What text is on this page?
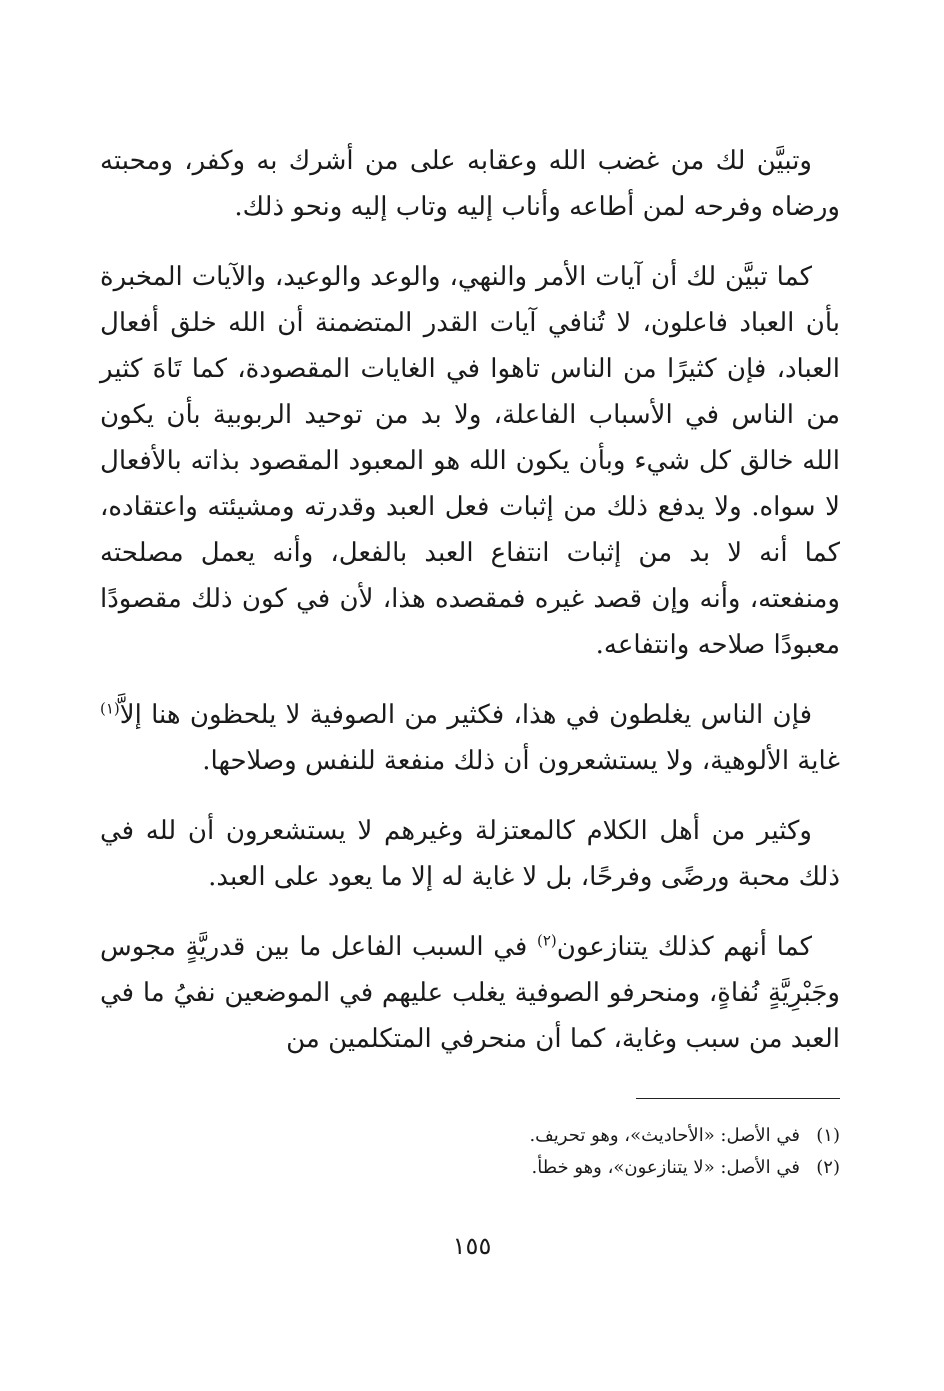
وتبيَّن لك من غضب الله وعقابه على من أشرك به وكفر، ومحبته ورضاه وفرحه لمن أطاعه وأناب إليه وتاب إليه ونحو ذلك.

كما تبيَّن لك أن آيات الأمر والنهي، والوعد والوعيد، والآيات المخبرة بأن العباد فاعلون، لا تُنافي آيات القدر المتضمنة أن الله خلق أفعال العباد، فإن كثيرًا من الناس تاهوا في الغايات المقصودة، كما تَاهَ كثير من الناس في الأسباب الفاعلة، ولا بد من توحيد الربوبية بأن يكون الله خالق كل شيء وبأن يكون الله هو المعبود المقصود بذاته بالأفعال لا سواه. ولا يدفع ذلك من إثبات فعل العبد وقدرته ومشيئته واعتقاده، كما أنه لا بد من إثبات انتفاع العبد بالفعل، وأنه يعمل مصلحته ومنفعته، وأنه وإن قصد غيره فمقصده هذا، لأن في كون ذلك مقصودًا معبودًا صلاحه وانتفاعه.

فإن الناس يغلطون في هذا، فكثير من الصوفية لا يلحظون هنا إلاَّ$^{(١)}$ غاية الألوهية، ولا يستشعرون أن ذلك منفعة للنفس وصلاحها.

وكثير من أهل الكلام كالمعتزلة وغيرهم لا يستشعرون أن لله في ذلك محبة ورضًى وفرحًا، بل لا غاية له إلا ما يعود على العبد.

كما أنهم كذلك يتنازعون$^{(٢)}$ في السبب الفاعل ما بين قدريَّةٍ مجوس وجَبْرِيَّةٍ نُفاةٍ، ومنحرفو الصوفية يغلب عليهم في الموضعين نفيُ ما في العبد من سبب وغاية، كما أن منحرفي المتكلمين من

(١)في الأصل: «الأحاديث»، وهو تحريف.

(٢)في الأصل: «لا يتنازعون»، وهو خطأ.

١٥٥
